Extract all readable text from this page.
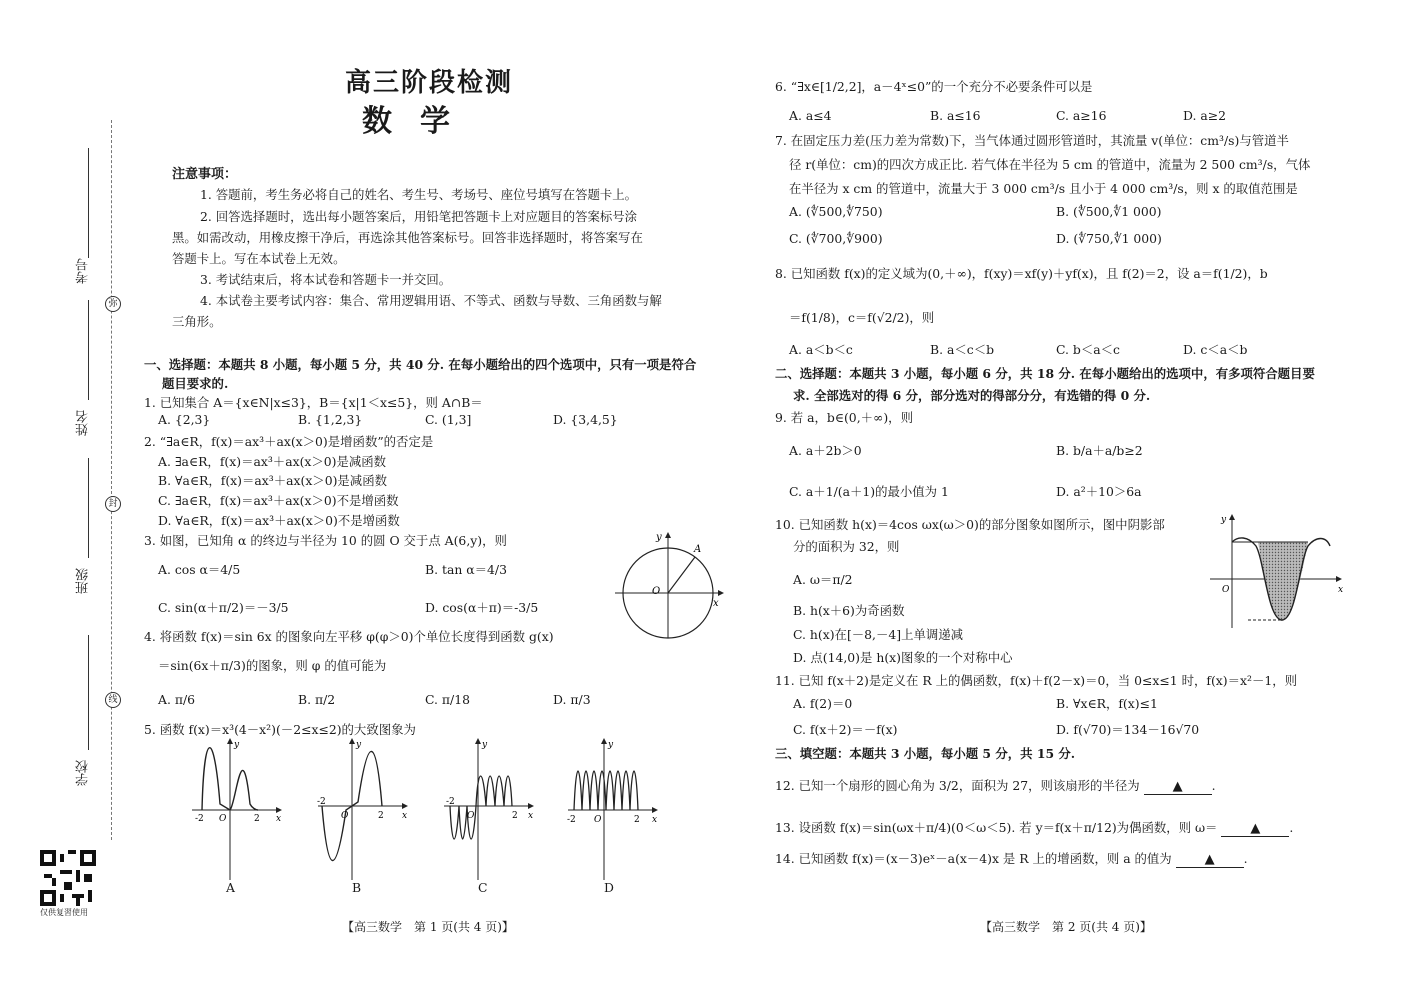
考号
姓名
班级
学校
弥
封
线
仅供复習使用
高三阶段检测
数学
注意事项：
1. 答题前，考生务必将自己的姓名、考生号、考场号、座位号填写在答题卡上。
2. 回答选择题时，选出每小题答案后，用铅笔把答题卡上对应题目的答案标号涂
黑。如需改动，用橡皮擦干净后，再选涂其他答案标号。回答非选择题时，将答案写在
答题卡上。写在本试卷上无效。
3. 考试结束后，将本试卷和答题卡一并交回。
4. 本试卷主要考试内容：集合、常用逻辑用语、不等式、函数与导数、三角函数与解
三角形。
一、选择题：本题共 8 小题，每小题 5 分，共 40 分. 在每小题给出的四个选项中，只有一项是符合
题目要求的.
1. 已知集合 A＝{x∈N|x≤3}，B＝{x|1＜x≤5}，则 A∩B＝
A. {2,3}	B. {1,2,3}	C. (1,3]	D. {3,4,5}
2. “∃a∈R，f(x)＝ax³＋ax(x＞0)是增函数”的否定是
A. ∃a∈R，f(x)＝ax³＋ax(x＞0)是减函数
B. ∀a∈R，f(x)＝ax³＋ax(x＞0)是减函数
C. ∃a∈R，f(x)＝ax³＋ax(x＞0)不是增函数
D. ∀a∈R，f(x)＝ax³＋ax(x＞0)不是增函数
3. 如图，已知角 α 的终边与半径为 10 的圆 O 交于点 A(6,y)，则
A. cos α＝4/5	B. tan α＝4/3
C. sin(α＋π/2)＝－3/5	D. cos(α＋π)＝-3/5
y
A
O
x
4. 将函数 f(x)＝sin 6x 的图象向左平移 φ(φ＞0)个单位长度得到函数 g(x)
＝sin(6x＋π/3)的图象，则 φ 的值可能为
A. π/6	B. π/2	C. π/18	D. π/3
5. 函数 f(x)＝x³(4－x²)(－2≤x≤2)的大致图象为
y
-2 O	2 x
y
-2
O	2 x
y
-2
O	2 x
y
-2 O	2 x
A	B	C	D
【高三数学　第 1 页(共 4 页)】
6. “∃x∈[1/2,2]，a－4ˣ≤0”的一个充分不必要条件可以是
A. a≤4	B. a≤16	C. a≥16	D. a≥2
7. 在固定压力差(压力差为常数)下，当气体通过圆形管道时，其流量 v(单位：cm³/s)与管道半
径 r(单位：cm)的四次方成正比. 若气体在半径为 5 cm 的管道中，流量为 2 500 cm³/s，气体
在半径为 x cm 的管道中，流量大于 3 000 cm³/s 且小于 4 000 cm³/s，则 x 的取值范围是
A. (∜500,∜750)	B. (∜500,∜1 000)
C. (∜700,∜900)	D. (∜750,∜1 000)
8. 已知函数 f(x)的定义域为(0,＋∞)，f(xy)＝xf(y)＋yf(x)，且 f(2)＝2，设 a＝f(1/2)，b
＝f(1/8)，c＝f(√2/2)，则
A. a＜b＜c	B. a＜c＜b	C. b＜a＜c	D. c＜a＜b
二、选择题：本题共 3 小题，每小题 6 分，共 18 分. 在每小题给出的选项中，有多项符合题目要
求. 全部选对的得 6 分，部分选对的得部分分，有选错的得 0 分.
9. 若 a，b∈(0,＋∞)，则
A. a＋2b＞0	B. b/a＋a/b≥2
C. a＋1/(a＋1)的最小值为 1	D. a²＋10＞6a
10. 已知函数 h(x)＝4cos ωx(ω＞0)的部分图象如图所示，图中阴影部
分的面积为 32，则
A. ω＝π/2
B. h(x＋6)为奇函数
C. h(x)在[－8,－4]上单调递减
D. 点(14,0)是 h(x)图象的一个对称中心
y
O	x
11. 已知 f(x＋2)是定义在 R 上的偶函数，f(x)＋f(2－x)＝0，当 0≤x≤1 时，f(x)＝x²－1，则
A. f(2)＝0	B. ∀x∈R，f(x)≤1
C. f(x＋2)＝－f(x)	D. f(√70)＝134－16√70
三、填空题：本题共 3 小题，每小题 5 分，共 15 分.
12. 已知一个扇形的圆心角为 3/2，面积为 27，则该扇形的半径为	▲ .
13. 设函数 f(x)＝sin(ωx＋π/4)(0＜ω＜5). 若 y＝f(x＋π/12)为偶函数，则 ω＝	▲ .
14. 已知函数 f(x)＝(x－3)eˣ－a(x－4)x 是 R 上的增函数，则 a 的值为	▲ .
【高三数学　第 2 页(共 4 页)】
